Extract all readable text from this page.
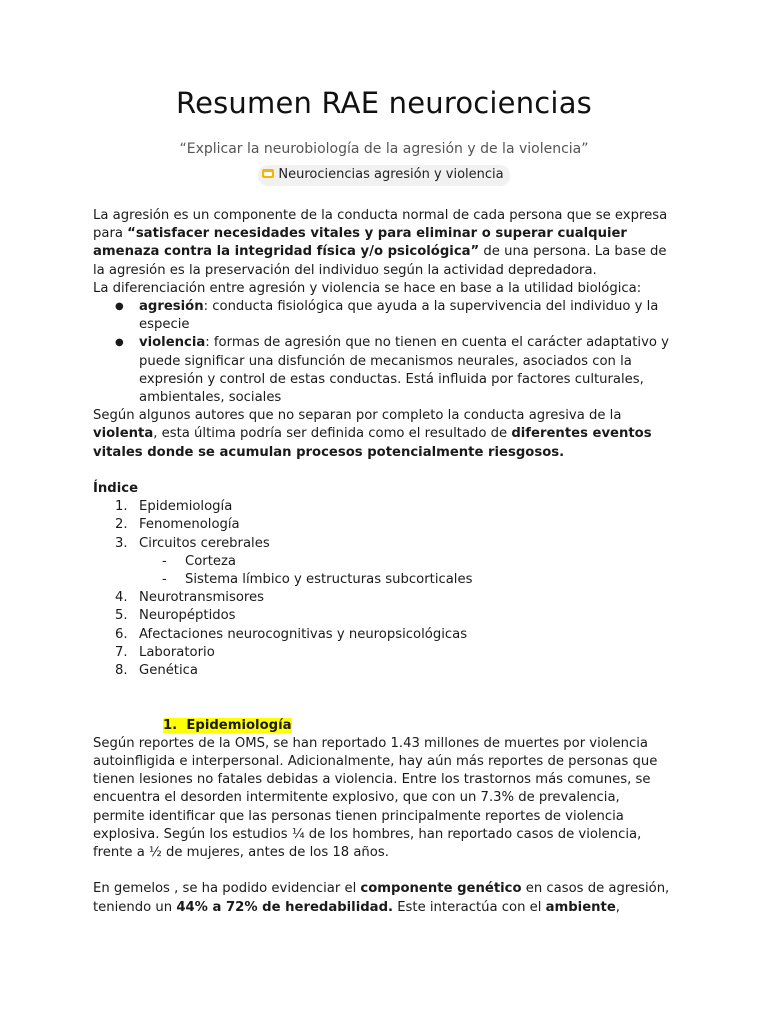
Resumen RAE neurociencias
“Explicar la neurobiología de la agresión y de la violencia”
Neurociencias agresión y violencia

La agresión es un componente de la conducta normal de cada persona que se expresa para “satisfacer necesidades vitales y para eliminar o superar cualquier amenaza contra la integridad física y/o psicológica” de una persona. La base de la agresión es la preservación del individuo según la actividad depredadora.

La diferenciación entre agresión y violencia se hace en base a la utilidad biológica:

● agresión: conducta fisiológica que ayuda a la supervivencia del individuo y la especie
● violencia: formas de agresión que no tienen en cuenta el carácter adaptativo y puede significar una disfunción de mecanismos neurales, asociados con la expresión y control de estas conductas. Está influida por factores culturales, ambientales, sociales

Según algunos autores que no separan por completo la conducta agresiva de la violenta, esta última podría ser definida como el resultado de diferentes eventos vitales donde se acumulan procesos potencialmente riesgosos.

Índice

1. Epidemiología
2. Fenomenología
3. Circuitos cerebrales
- Corteza
- Sistema límbico y estructuras subcorticales
4. Neurotransmisores
5. Neuropéptidos
6. Afectaciones neurocognitivas y neuropsicológicas
7. Laboratorio
8. Genética

1. Epidemiología

Según reportes de la OMS, se han reportado 1.43 millones de muertes por violencia autoinfligida e interpersonal. Adicionalmente, hay aún más reportes de personas que tienen lesiones no fatales debidas a violencia. Entre los trastornos más comunes, se encuentra el desorden intermitente explosivo, que con un 7.3% de prevalencia, permite identificar que las personas tienen principalmente reportes de violencia explosiva. Según los estudios ¼ de los hombres, han reportado casos de violencia, frente a ½ de mujeres, antes de los 18 años.

En gemelos , se ha podido evidenciar el componente genético en casos de agresión, teniendo un 44% a 72% de heredabilidad. Este interactúa con el ambiente,
